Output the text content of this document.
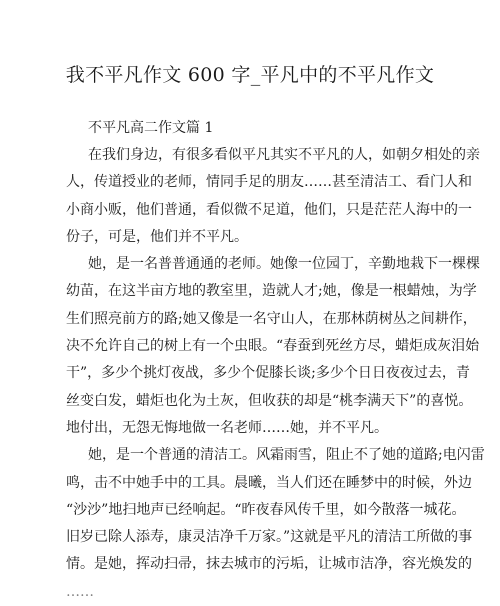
我不平凡作文 600 字_平凡中的不平凡作文
不平凡高二作文篇 1

在我们身边，有很多看似平凡其实不平凡的人，如朝夕相处的亲
人，传道授业的老师，情同手足的朋友……甚至清洁工、看门人和
小商小贩，他们普通，看似微不足道，他们，只是茫茫人海中的一
份子，可是，他们并不平凡。

她，是一名普普通通的老师。她像一位园丁，辛勤地栽下一棵棵
幼苗，在这半亩方地的教室里，造就人才;她，像是一根蜡烛，为学
生们照亮前方的路;她又像是一名守山人，在那林荫树丛之间耕作，
决不允许自己的树上有一个虫眼。“春蚕到死丝方尽，蜡炬成灰泪始
干”，多少个挑灯夜战，多少个促膝长谈;多少个日日夜夜过去，青
丝变白发，蜡炬也化为土灰，但收获的却是“桃李满天下”的喜悦。
地付出，无怨无悔地做一名老师……她，并不平凡。

她，是一个普通的清洁工。风霜雨雪，阻止不了她的道路;电闪雷
鸣，击不中她手中的工具。晨曦，当人们还在睡梦中的时候，外边
“沙沙”地扫地声已经响起。“昨夜春风传千里，如今散落一城花。
旧岁已除人添寿，康灵洁净千万家。”这就是平凡的清洁工所做的事
情。是她，挥动扫帚，抹去城市的污垢，让城市洁净，容光焕发的
……
